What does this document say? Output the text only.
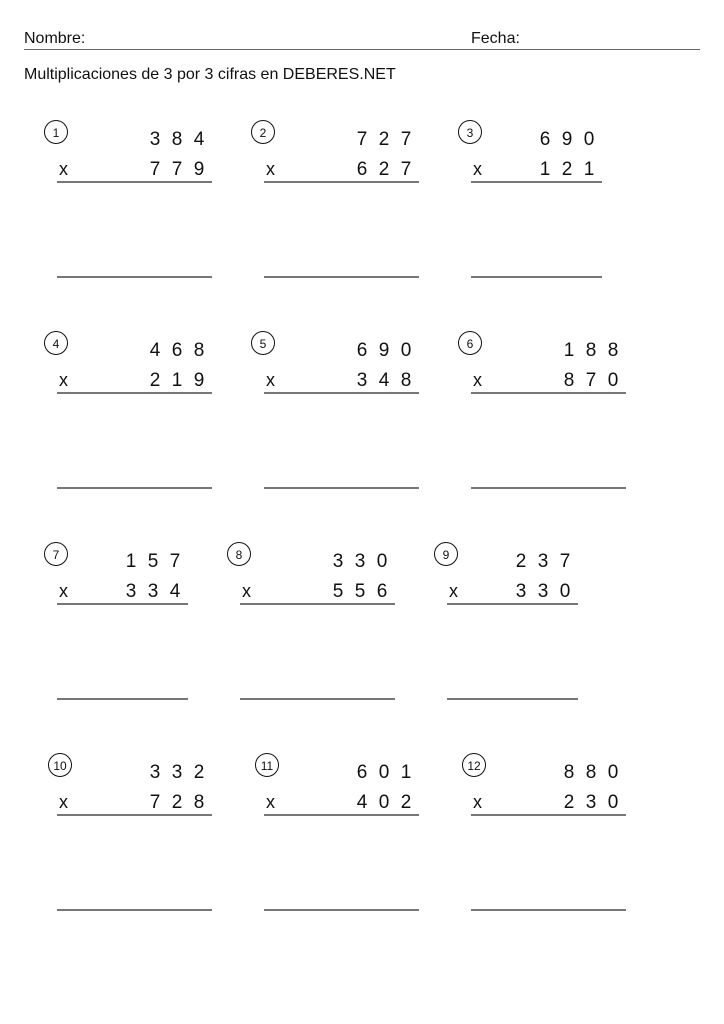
Nombre:	Fecha:
Multiplicaciones de 3 por 3 cifras en DEBERES.NET
1	3 8 4
x	7 7 9
2	7 2 7
x	6 2 7
3	6 9 0
x	1 2 1
4	4 6 8
x	2 1 9
5	6 9 0
x	3 4 8
6	1 8 8
x	8 7 0
7	1 5 7
x	3 3 4
8	3 3 0
x	5 5 6
9	2 3 7
x	3 3 0
10	3 3 2
x	7 2 8
11	6 0 1
x	4 0 2
12	8 8 0
x	2 3 0
